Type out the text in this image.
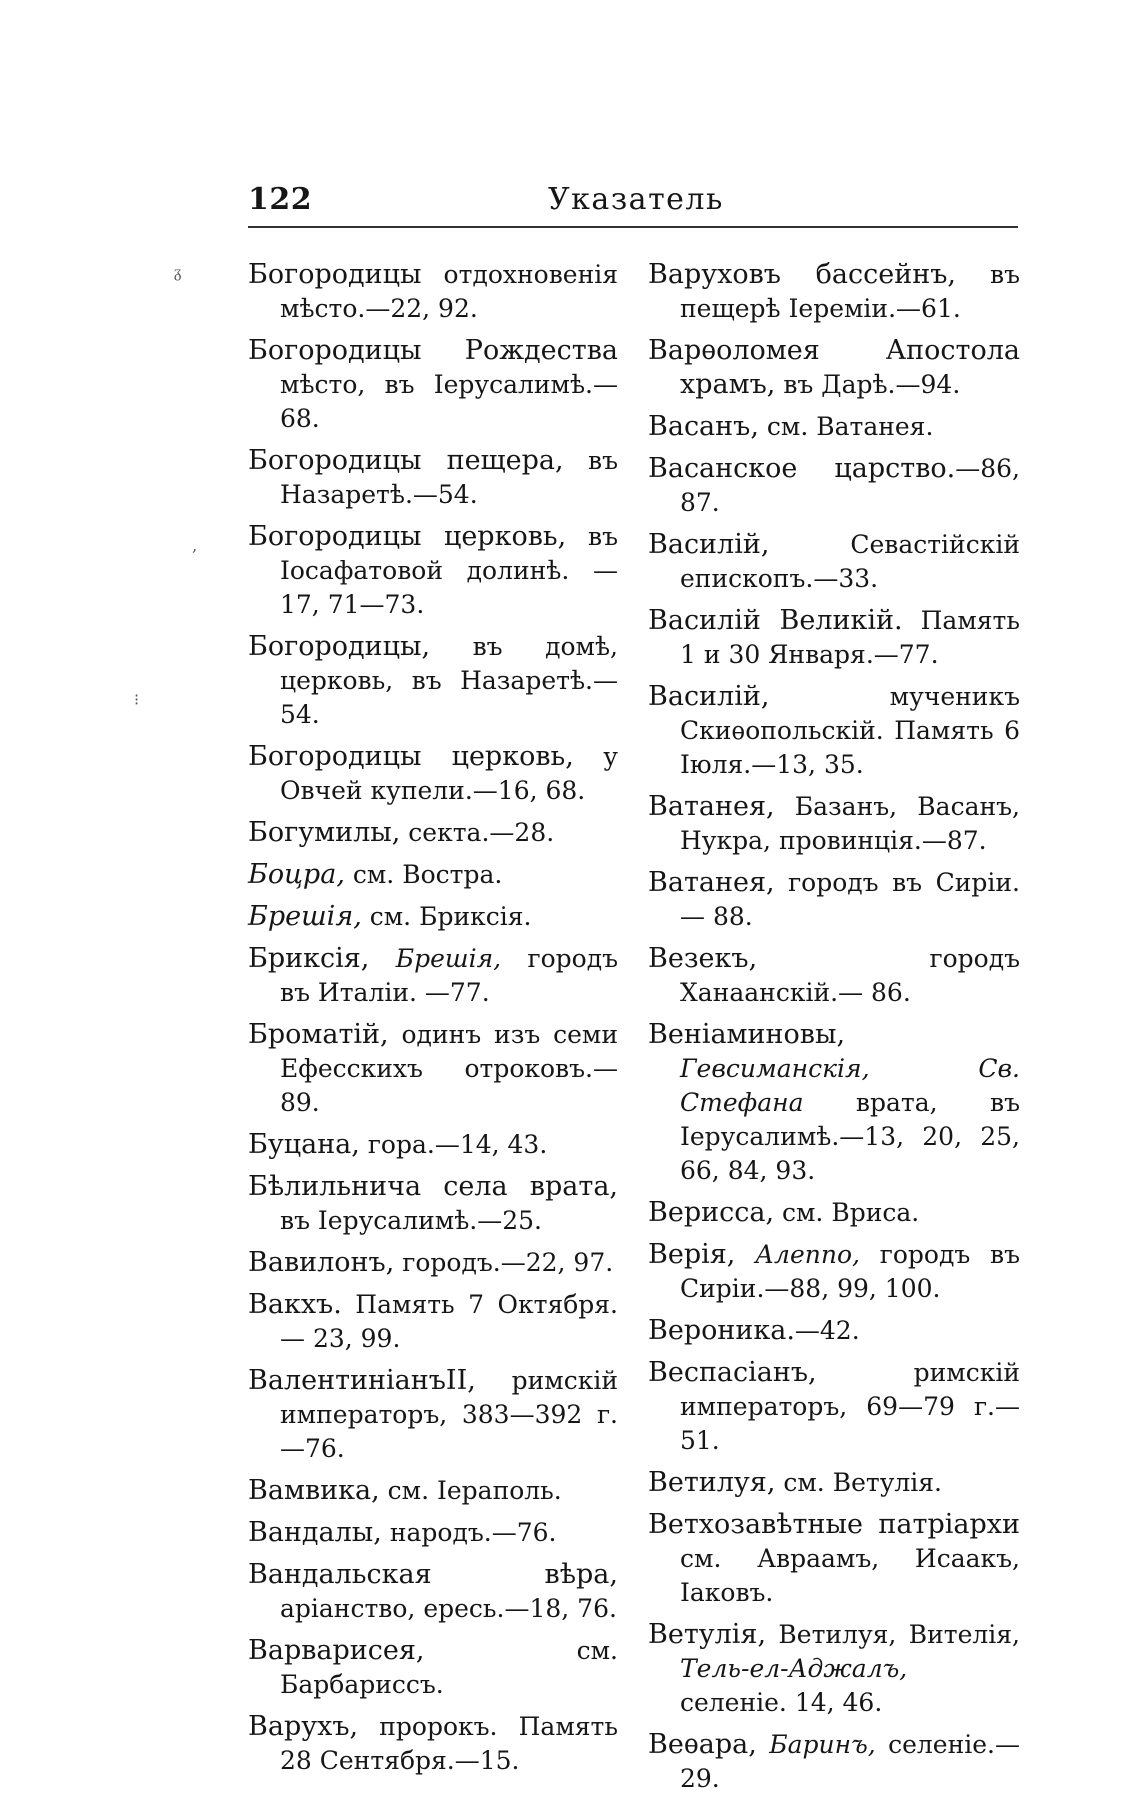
122	Указатель
ᵹ
‚
⁝

Богородицы отдохновенія мѣсто.—22, 92.

Богородицы Рождества мѣсто, въ Іерусалимѣ.—68.

Богородицы пещера, въ Назаретѣ.—54.

Богородицы церковь, въ Іосафатовой долинѣ. — 17, 71—73.

Богородицы, въ домѣ, церковь, въ Назаретѣ.—54.

Богородицы церковь, у Овчей купели.—16, 68.

Богумилы, секта.—28.

Боцра, см. Востра.

Брешія, см. Бриксія.

Бриксія, Брешія, городъ въ Италіи. —77.

Броматій, одинъ изъ семи Ефесскихъ отроковъ.—89.

Буцана, гора.—14, 43.

Бѣлильнича села врата, въ Іерусалимѣ.—25.

Вавилонъ, городъ.—22, 97.

Вакхъ. Память 7 Октября.— 23, 99.

ВалентиніанъII, римскій императоръ, 383—392 г.—76.

Вамвика, см. Іераполь.

Вандалы, народъ.—76.

Вандальская вѣра, аріанство, ересь.—18, 76.

Варварисея, см. Барбариссъ.

Варухъ, пророкъ. Память 28 Сентября.—15.

Варуховъ бассейнъ, въ пещерѣ Іереміи.—61.

Варѳоломея Апостола храмъ, въ Дарѣ.—94.

Васанъ, см. Ватанея.

Васанское царство.—86, 87.

Василій, Севастійскій епископъ.—33.

Василій Великій. Память 1 и 30 Января.—77.

Василій, мученикъ Скиѳопольскій. Память 6 Іюля.—13, 35.

Ватанея, Базанъ, Васанъ, Нукра, провинція.—87.

Ватанея, городъ въ Сиріи.— 88.

Везекъ, городъ Ханаанскій.— 86.

Веніаминовы, Гевсиманскія, Св. Стефана врата, въ Іерусалимѣ.—13, 20, 25, 66, 84, 93.

Верисса, см. Вриса.

Верія, Алеппо, городъ въ Сиріи.—88, 99, 100.

Вероника.—42.

Веспасіанъ, римскій императоръ, 69—79 г.—51.

Ветилуя, см. Ветулія.

Ветхозавѣтные патріархи см. Авраамъ, Исаакъ, Іаковъ.

Ветулія, Ветилуя, Вителія, Тель-ел-Аджалъ, селеніе. 14, 46.

Веѳара, Баринъ, селеніе.—29.
